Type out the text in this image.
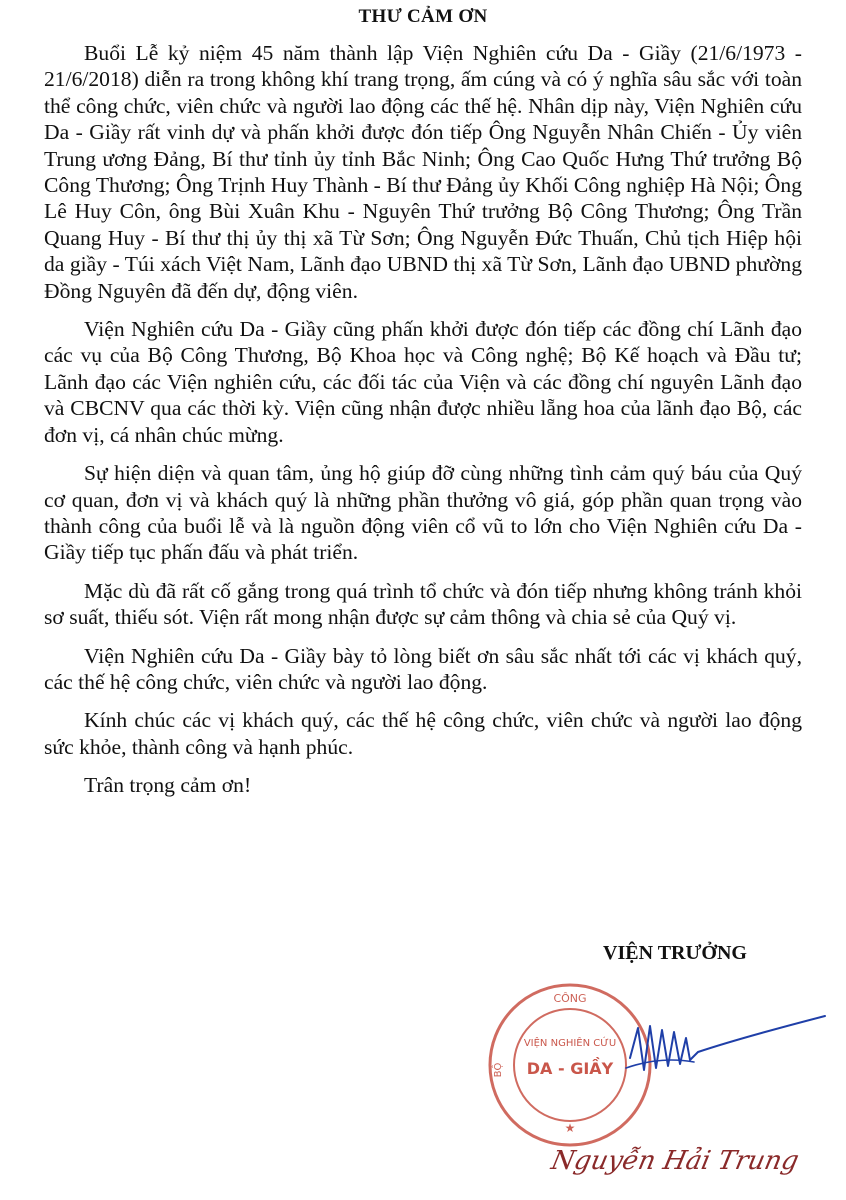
THƯ CẢM ƠN

Buổi Lễ kỷ niệm 45 năm thành lập Viện Nghiên cứu Da - Giầy (21/6/1973 - 21/6/2018) diễn ra trong không khí trang trọng, ấm cúng và có ý nghĩa sâu sắc với toàn thể công chức, viên chức và người lao động các thế hệ. Nhân dịp này, Viện Nghiên cứu Da - Giầy rất vinh dự và phấn khởi được đón tiếp Ông Nguyễn Nhân Chiến - Ủy viên Trung ương Đảng, Bí thư tỉnh ủy tỉnh Bắc Ninh; Ông Cao Quốc Hưng Thứ trưởng Bộ Công Thương; Ông Trịnh Huy Thành - Bí thư Đảng ủy Khối Công nghiệp Hà Nội; Ông Lê Huy Côn, ông Bùi Xuân Khu - Nguyên Thứ trưởng Bộ Công Thương; Ông Trần Quang Huy - Bí thư thị ủy thị xã Từ Sơn; Ông Nguyễn Đức Thuấn, Chủ tịch Hiệp hội da giầy - Túi xách Việt Nam, Lãnh đạo UBND thị xã Từ Sơn, Lãnh đạo UBND phường Đồng Nguyên đã đến dự, động viên.

Viện Nghiên cứu Da - Giầy cũng phấn khởi được đón tiếp các đồng chí Lãnh đạo các vụ của Bộ Công Thương, Bộ Khoa học và Công nghệ; Bộ Kế hoạch và Đầu tư; Lãnh đạo các Viện nghiên cứu, các đối tác của Viện và các đồng chí nguyên Lãnh đạo và CBCNV qua các thời kỳ. Viện cũng nhận được nhiều lẵng hoa của lãnh đạo Bộ, các đơn vị, cá nhân chúc mừng.

Sự hiện diện và quan tâm, ủng hộ giúp đỡ cùng những tình cảm quý báu của Quý cơ quan, đơn vị và khách quý là những phần thưởng vô giá, góp phần quan trọng vào thành công của buổi lễ và là nguồn động viên cổ vũ to lớn cho Viện Nghiên cứu Da - Giầy tiếp tục phấn đấu và phát triển.

Mặc dù đã rất cố gắng trong quá trình tổ chức và đón tiếp nhưng không tránh khỏi sơ suất, thiếu sót. Viện rất mong nhận được sự cảm thông và chia sẻ của Quý vị.

Viện Nghiên cứu Da - Giầy bày tỏ lòng biết ơn sâu sắc nhất tới các vị khách quý, các thế hệ công chức, viên chức và người lao động.

Kính chúc các vị khách quý, các thế hệ công chức, viên chức và người lao động sức khỏe, thành công và hạnh phúc.

Trân trọng cảm ơn!

VIỆN TRƯỞNG
CÔNG
BỘ
VIỆN NGHIÊN CỨU
DA - GIẦY
★
Nguyễn Hải Trung
